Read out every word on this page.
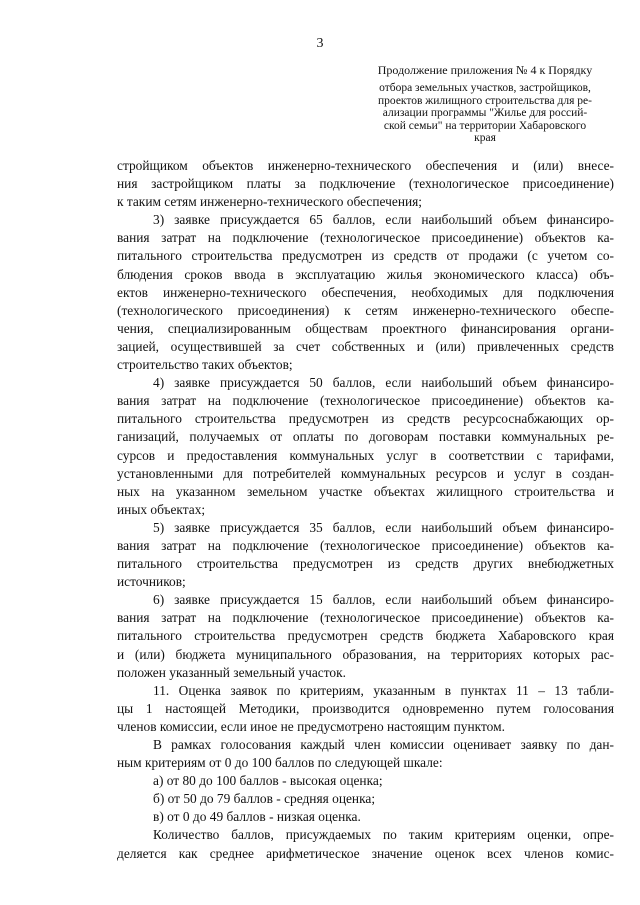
3
Продолжение приложения № 4 к Порядку
отбора земельных участков, застройщиков,
проектов жилищного строительства для ре-
ализации программы "Жилье для россий-
ской семьи" на территории Хабаровского
края
стройщиком объектов инженерно-технического обеспечения и (или) внесе-
ния застройщиком платы за подключение (технологическое присоединение)
к таким сетям инженерно-технического обеспечения;
3) заявке присуждается 65 баллов, если наибольший объем финансиро-
вания затрат на подключение (технологическое присоединение) объектов ка-
питального строительства предусмотрен из средств от продажи (с учетом со-
блюдения сроков ввода в эксплуатацию жилья экономического класса) объ-
ектов инженерно-технического обеспечения, необходимых для подключения
(технологического присоединения) к сетям инженерно-технического обеспе-
чения, специализированным обществам проектного финансирования органи-
зацией, осуществившей за счет собственных и (или) привлеченных средств
строительство таких объектов;
4) заявке присуждается 50 баллов, если наибольший объем финансиро-
вания затрат на подключение (технологическое присоединение) объектов ка-
питального строительства предусмотрен из средств ресурсоснабжающих ор-
ганизаций, получаемых от оплаты по договорам поставки коммунальных ре-
сурсов и предоставления коммунальных услуг в соответствии с тарифами,
установленными для потребителей коммунальных ресурсов и услуг в создан-
ных на указанном земельном участке объектах жилищного строительства и
иных объектах;
5) заявке присуждается 35 баллов, если наибольший объем финансиро-
вания затрат на подключение (технологическое присоединение) объектов ка-
питального строительства предусмотрен из средств других внебюджетных
источников;
6) заявке присуждается 15 баллов, если наибольший объем финансиро-
вания затрат на подключение (технологическое присоединение) объектов ка-
питального строительства предусмотрен средств бюджета Хабаровского края
и (или) бюджета муниципального образования, на территориях которых рас-
положен указанный земельный участок.
11. Оценка заявок по критериям, указанным в пунктах 11 – 13 табли-
цы 1 настоящей Методики, производится одновременно путем голосования
членов комиссии, если иное не предусмотрено настоящим пунктом.
В рамках голосования каждый член комиссии оценивает заявку по дан-
ным критериям от 0 до 100 баллов по следующей шкале:
а) от 80 до 100 баллов - высокая оценка;
б) от 50 до 79 баллов - средняя оценка;
в) от 0 до 49 баллов - низкая оценка.
Количество баллов, присуждаемых по таким критериям оценки, опре-
деляется как среднее арифметическое значение оценок всех членов комис-
